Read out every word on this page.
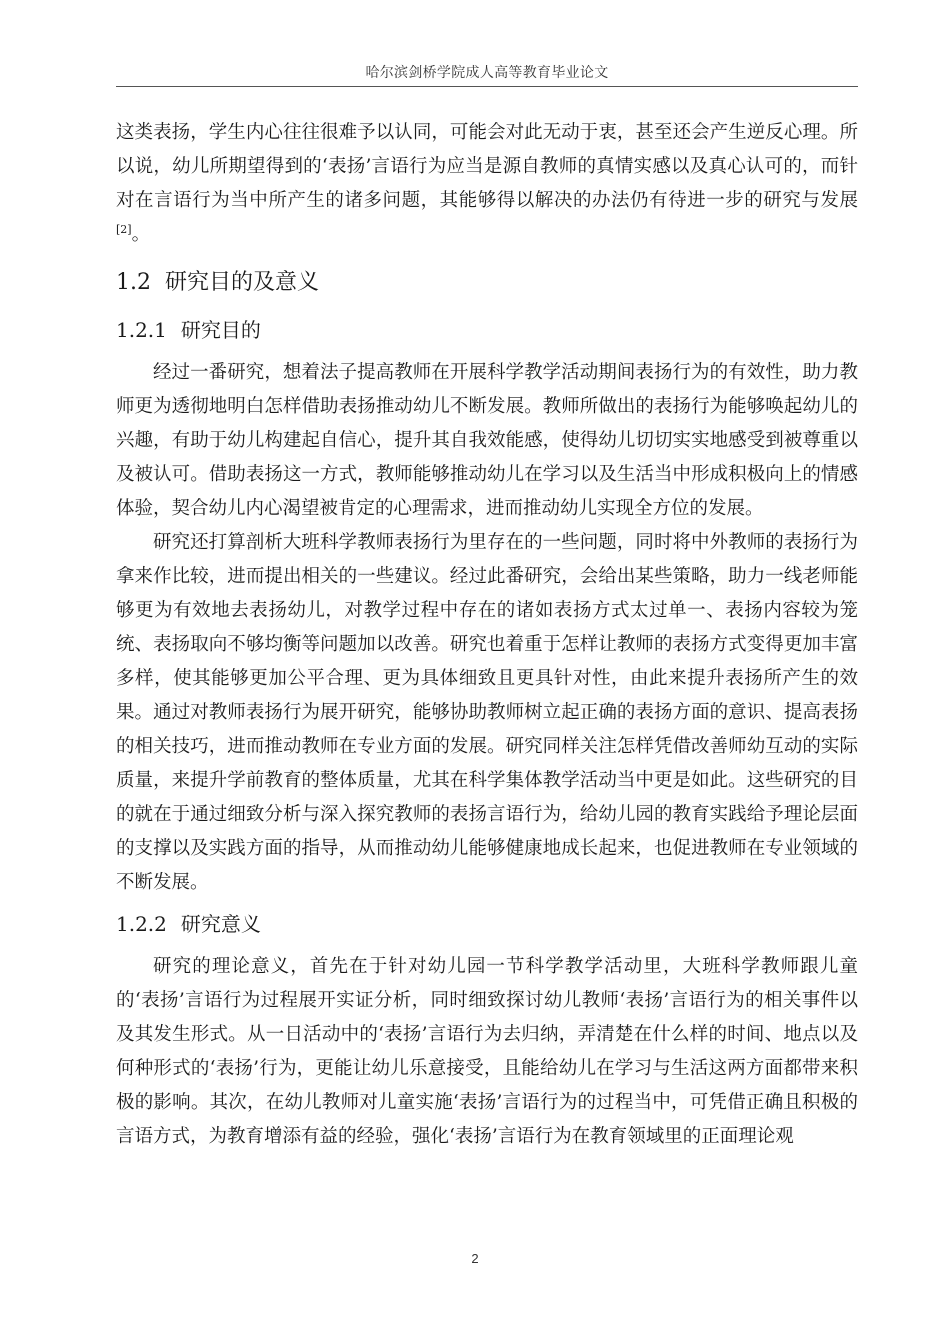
哈尔滨剑桥学院成人高等教育毕业论文

这类表扬，学生内心往往很难予以认同，可能会对此无动于衷，甚至还会产生逆反心理。所以说，幼儿所期望得到的‘表扬’言语行为应当是源自教师的真情实感以及真心认可的，而针对在言语行为当中所产生的诸多问题，其能够得以解决的办法仍有待进一步的研究与发展[2]。

1.2 研究目的及意义
1.2.1 研究目的

经过一番研究，想着法子提高教师在开展科学教学活动期间表扬行为的有效性，助力教师更为透彻地明白怎样借助表扬推动幼儿不断发展。教师所做出的表扬行为能够唤起幼儿的兴趣，有助于幼儿构建起自信心，提升其自我效能感，使得幼儿切切实实地感受到被尊重以及被认可。借助表扬这一方式，教师能够推动幼儿在学习以及生活当中形成积极向上的情感体验，契合幼儿内心渴望被肯定的心理需求，进而推动幼儿实现全方位的发展。

研究还打算剖析大班科学教师表扬行为里存在的一些问题，同时将中外教师的表扬行为拿来作比较，进而提出相关的一些建议。经过此番研究，会给出某些策略，助力一线老师能够更为有效地去表扬幼儿，对教学过程中存在的诸如表扬方式太过单一、表扬内容较为笼统、表扬取向不够均衡等问题加以改善。研究也着重于怎样让教师的表扬方式变得更加丰富多样，使其能够更加公平合理、更为具体细致且更具针对性，由此来提升表扬所产生的效果。通过对教师表扬行为展开研究，能够协助教师树立起正确的表扬方面的意识、提高表扬的相关技巧，进而推动教师在专业方面的发展。研究同样关注怎样凭借改善师幼互动的实际质量，来提升学前教育的整体质量，尤其在科学集体教学活动当中更是如此。这些研究的目的就在于通过细致分析与深入探究教师的表扬言语行为，给幼儿园的教育实践给予理论层面的支撑以及实践方面的指导，从而推动幼儿能够健康地成长起来，也促进教师在专业领域的不断发展。

1.2.2 研究意义

研究的理论意义，首先在于针对幼儿园一节科学教学活动里，大班科学教师跟儿童的‘表扬’言语行为过程展开实证分析，同时细致探讨幼儿教师‘表扬’言语行为的相关事件以及其发生形式。从一日活动中的‘表扬’言语行为去归纳，弄清楚在什么样的时间、地点以及何种形式的‘表扬’行为，更能让幼儿乐意接受，且能给幼儿在学习与生活这两方面都带来积极的影响。其次，在幼儿教师对儿童实施‘表扬’言语行为的过程当中，可凭借正确且积极的言语方式，为教育增添有益的经验，强化‘表扬’言语行为在教育领域里的正面理论观

2
